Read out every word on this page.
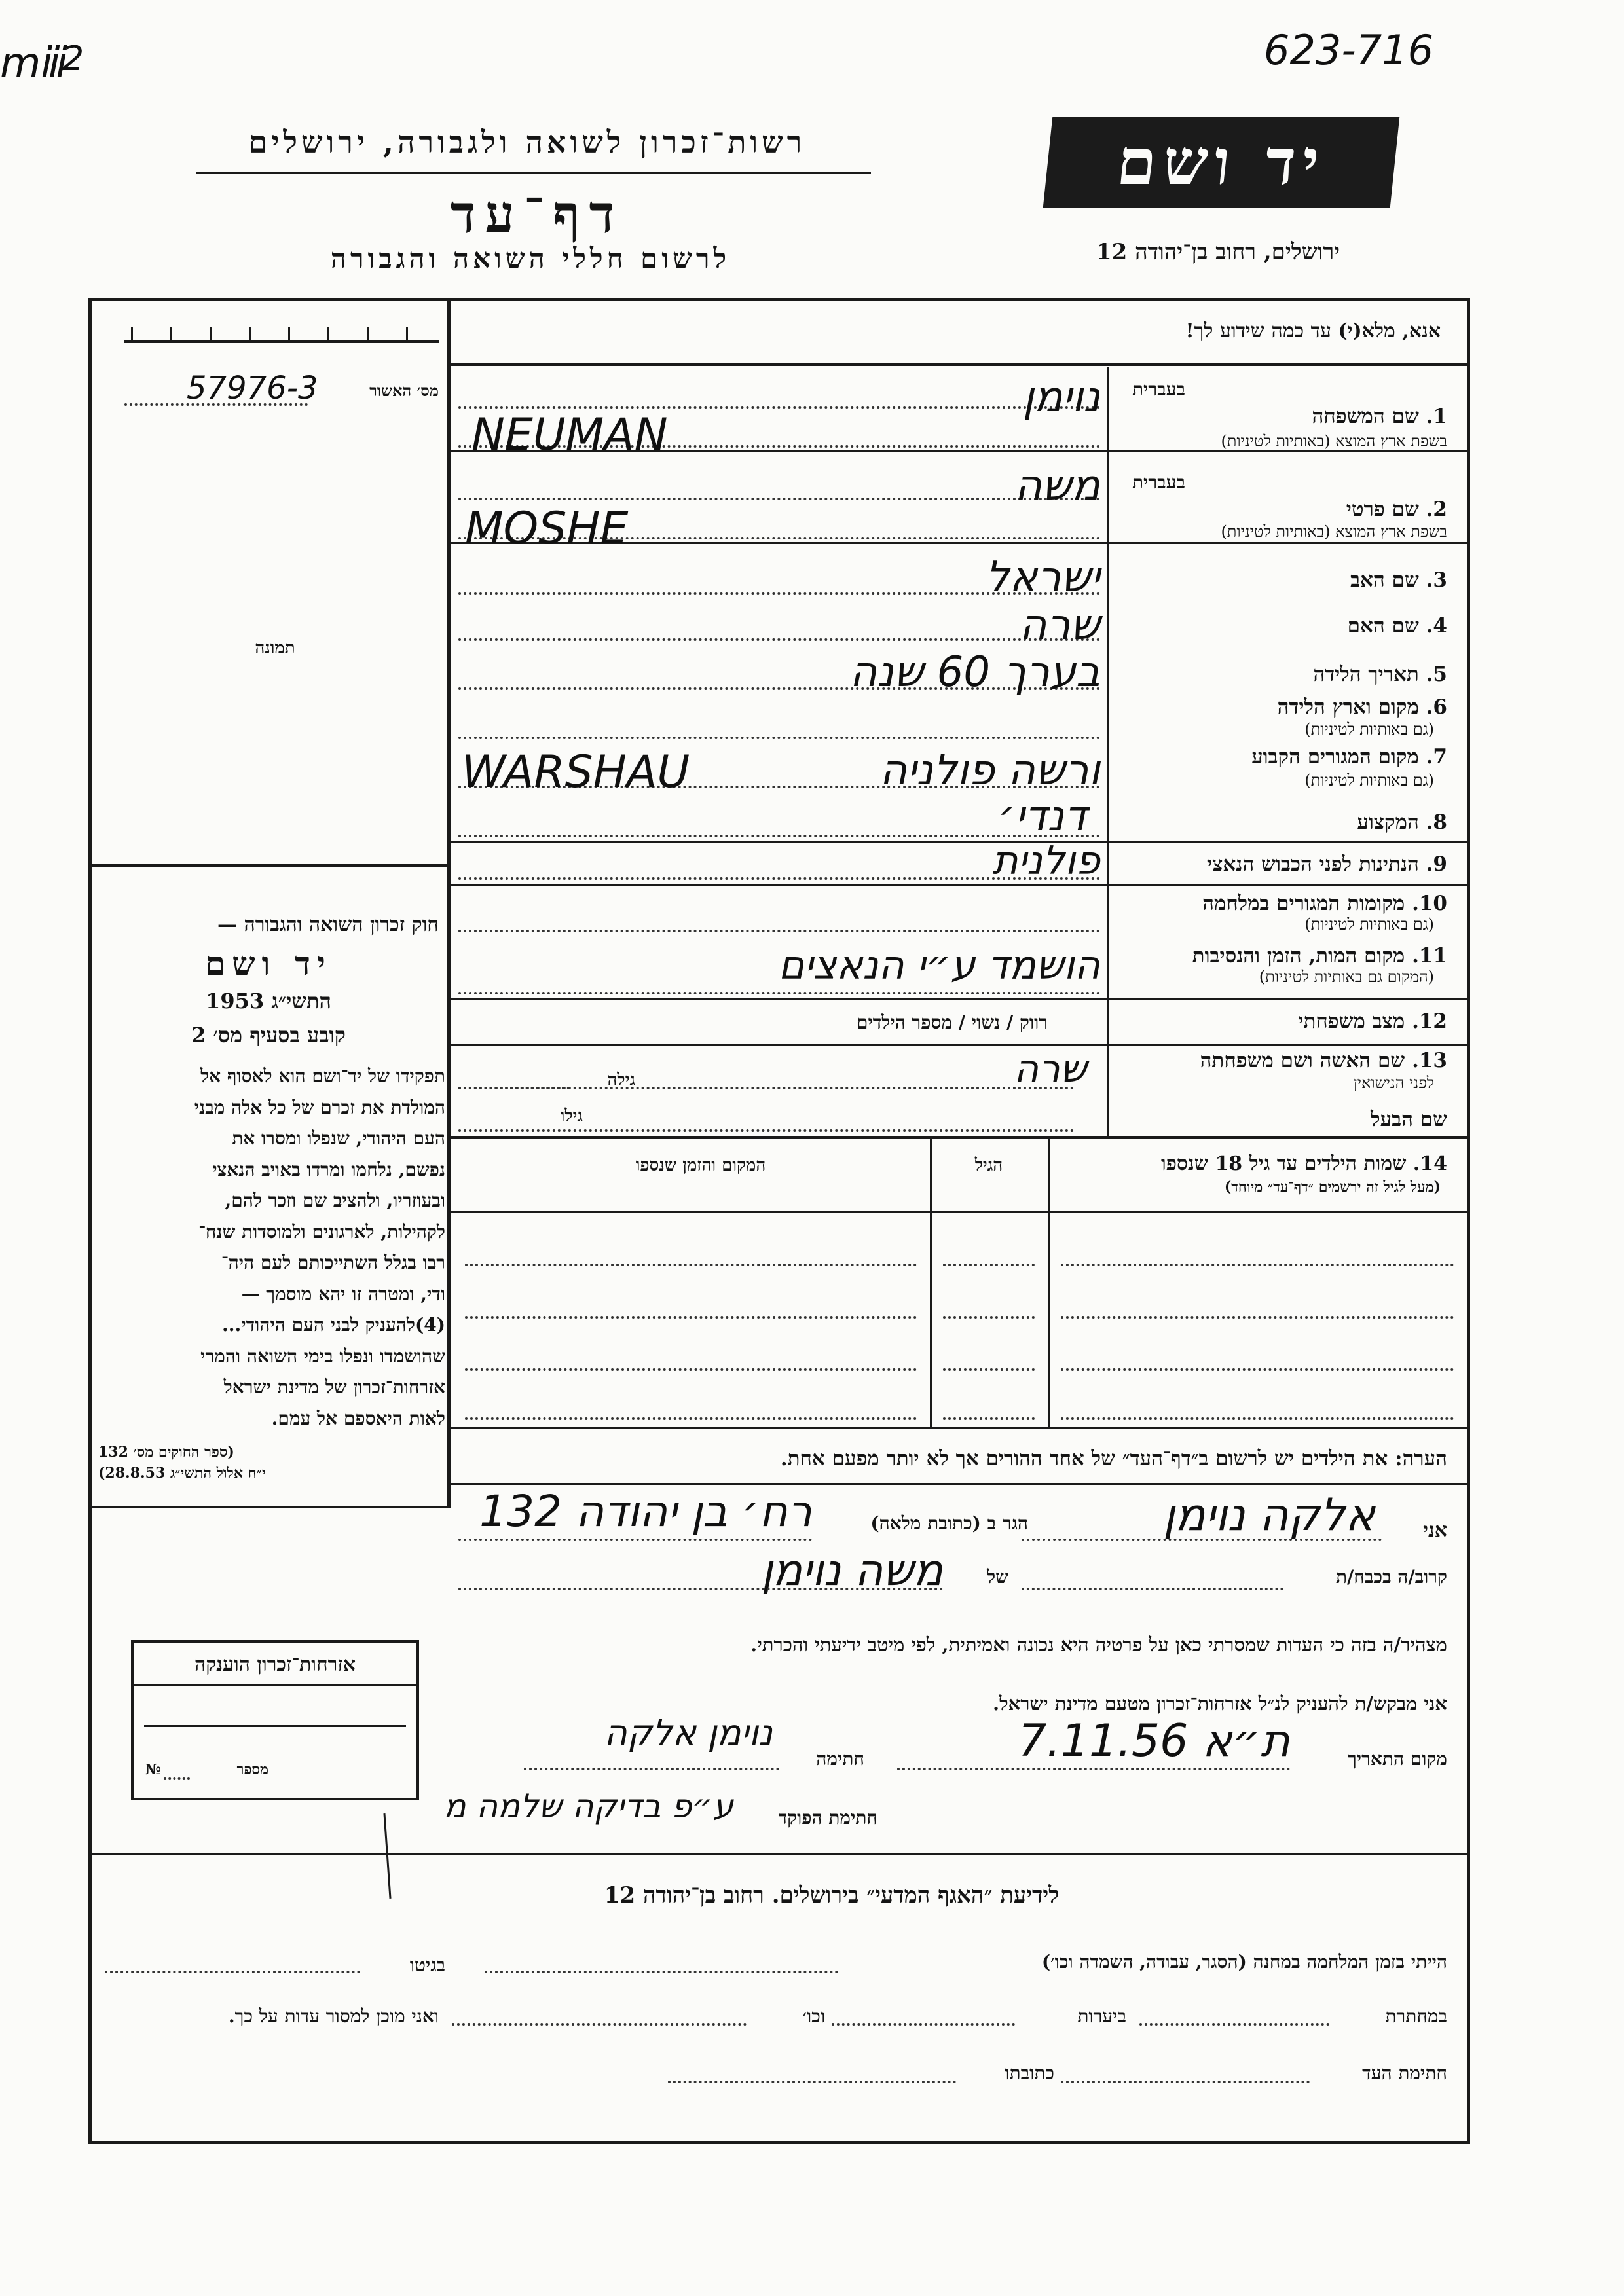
ⅿⅲ
2	623-716
רשות־זכרון לשואה ולגבורה, ירושלים
דף־עד
לרשום חללי השואה והגבורה
יד ושם
ירושלים, רחוב בן־יהודה 12
אנא, מלא(י) עד כמה שידוע לך!
מס׳ האשור
57976-3
תמונה
חוק זכרון השואה והגבורה —
יד ושם
התשי״ג 1953
קובע בסעיף מס׳ 2
תפקידו של יד־ושם הוא לאסוף אל
המולדת את זכרם של כל אלה מבני
העם היהודי, שנפלו ומסרו את
נפשם, נלחמו ומרדו באויב הנאצי
ובעוזריו, ולהציב שם וזכר להם,
לקהילות, לארגונים ולמוסדות שנח־
רבו בגלל השתייכותם לעם היה־
ודי, ומטרה זו יהא מוסמך —
(4)להעניק לבני העם היהודי...
שהושמדו ונפלו בימי השואה והמרי
אזרחות־זכרון של מדינת ישראל
לאות היאספם אל עמם.
(ספר החוקים מס׳ 132
י״ח אלול התשי״ג 28.8.53)
אזרחות־זכרון הוענקה
מספר
№
בעברית
1. שם המשפחה
בשפת ארץ המוצא (באותיות לטיניות)
נוימן
NEUMAN
בעברית
2. שם פרטי
בשפת ארץ המוצא (באותיות לטיניות)
משה
MOSHE
3. שם האב
ישראל
4. שם האם
שרה
5. תאריך הלידה
בערך 60 שנה
6. מקום וארץ הלידה
(גם באותיות לטיניות)
7. מקום המגורים הקבוע
(גם באותיות לטיניות)
ורשה פולניה
WARSHAU
8. המקצוע
דנדי׳
9. הנתינות לפני הכבוש הנאצי
פולנית
10. מקומות המגורים במלחמה
(גם באותיות לטיניות)
11. מקום המות, הזמן והנסיבות
(המקום גם באותיות לטיניות)
הושמד ע״י הנאצים
12. מצב משפחתי
רווק / נשוי / מספר הילדים
13. שם האשה ושם משפחתה
לפני הנישואין
שרה
גילה
שם הבעל
גילו
14. שמות הילדים עד גיל 18 שנספו
(מעל לגיל זה ירשמים ״דף־עד״ מיוחד)
הגיל
המקום והזמן שנספו
הערה: את הילדים יש לרשום ב״דף־העד״ של אחד ההורים אך לא יותר מפעם אחת.
אני
אלקה נוימן
הגר ב (כתובת מלאה)
רח׳ בן יהודה 132
קרוב/ה בכבח/ת
של
משה נוימן
מצהיר/ה בזה כי העדות שמסרתי כאן על פרטיה היא נכונה ואמיתית, לפי מיטב ידיעתי והכרתי.
אני מבקש/ת להעניק לנ״ל אזרחות־זכרון מטעם מדינת ישראל.
מקום התאריך
ת״א 7.11.56
חתימה
נוימן אלקה
חתימת הפוקד
ע״פ בדיקה שלמה מ
לידיעת ״האגף המדעי״ בירושלים. רחוב בן־יהודה 12
הייתי בזמן המלחמה במחנה (הסגר, עבודה, השמדה וכו׳)
בגיטו
במחתרת
ביערות
וכו׳
ואני מוכן למסור עדות על כך.
חתימת העד
כתובתו
